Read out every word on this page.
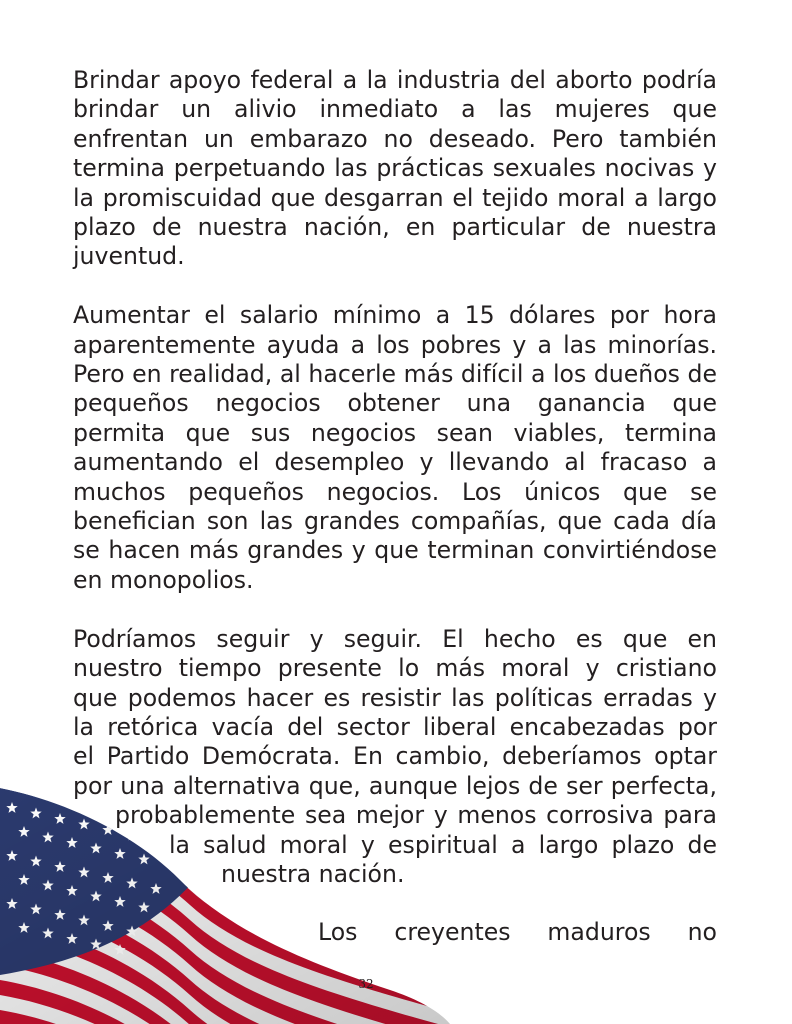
Brindar apoyo federal a la industria del aborto podría brindar un alivio inmediato a las mujeres que enfrentan un embarazo no deseado. Pero también termina perpetuando las prácticas sexuales nocivas y la promiscuidad que desgarran el tejido moral a largo plazo de nuestra nación, en particular de nuestra juventud.

Aumentar el salario mínimo a 15 dólares por hora aparentemente ayuda a los pobres y a las minorías. Pero en realidad, al hacerle más difícil a los dueños de pequeños negocios obtener una ganancia que permita que sus negocios sean viables, termina aumentando el desempleo y llevando al fracaso a muchos pequeños negocios. Los únicos que se benefician son las grandes compañías, que cada día se hacen más grandes y que terminan convirtiéndose en monopolios.

Podríamos seguir y seguir. El hecho es que en
nuestro tiempo presente lo más moral y cristiano
que podemos hacer es resistir las políticas erradas y
la retórica vacía del sector liberal encabezadas por
el Partido Demócrata. En cambio, deberíamos optar
por una alternativa que, aunque lejos de ser perfecta,
probablemente sea mejor y menos corrosiva para
la salud moral y espiritual a largo plazo de
nuestra nación.

Los creyentes maduros no
32
